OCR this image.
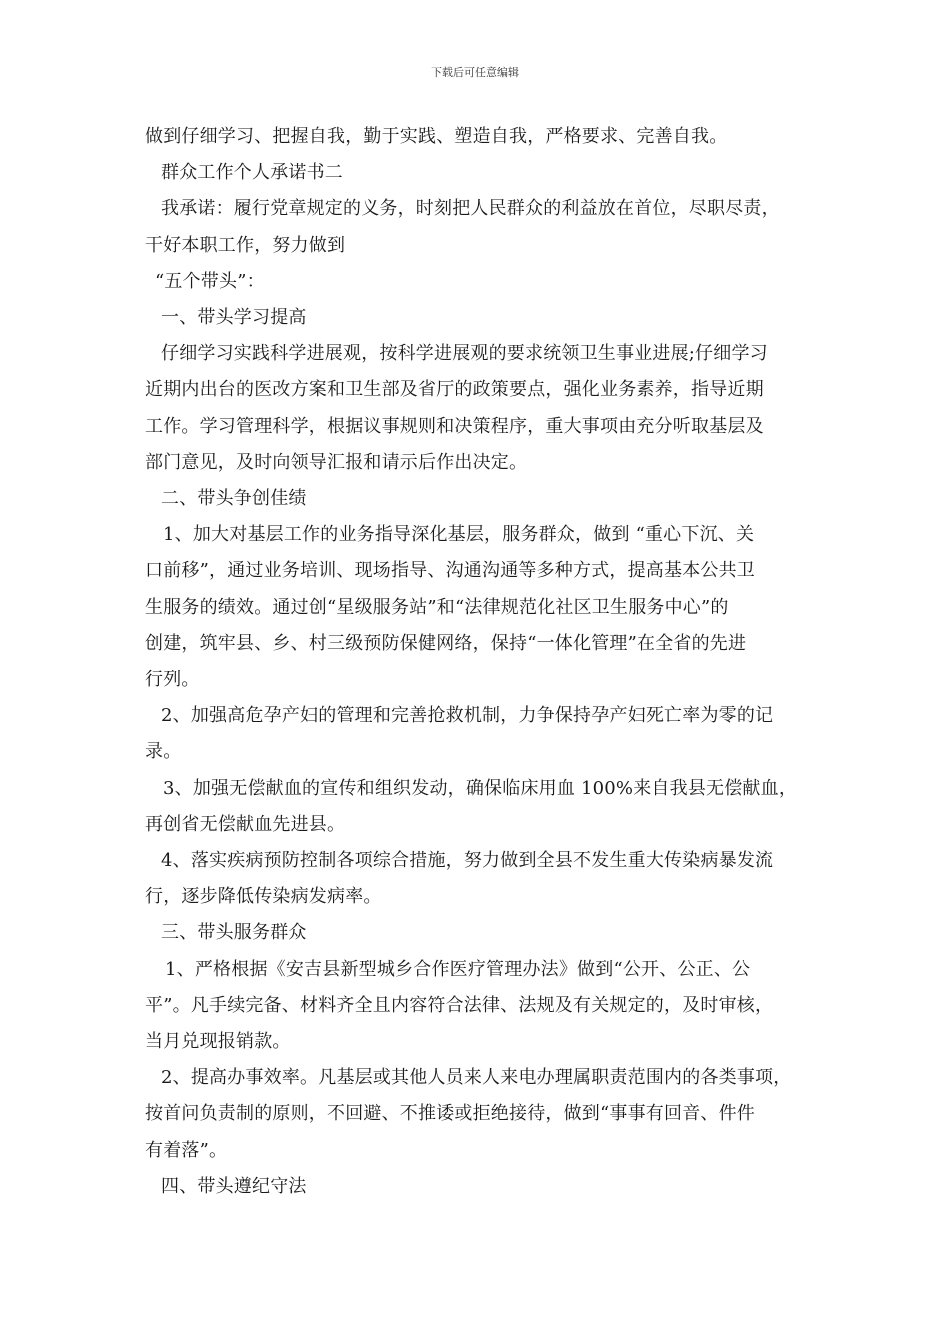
下载后可任意编辑
做到仔细学习、把握自我，勤于实践、塑造自我，严格要求、完善自我。
群众工作个人承诺书二
我承诺：履行党章规定的义务，时刻把人民群众的利益放在首位，尽职尽责，
干好本职工作，努力做到
“五个带头”：
一、带头学习提高
仔细学习实践科学进展观，按科学进展观的要求统领卫生事业进展;仔细学习
近期内出台的医改方案和卫生部及省厅的政策要点，强化业务素养，指导近期
工作。学习管理科学，根据议事规则和决策程序，重大事项由充分听取基层及
部门意见，及时向领导汇报和请示后作出决定。
二、带头争创佳绩
1、加大对基层工作的业务指导深化基层，服务群众，做到 “重心下沉、关
口前移”，通过业务培训、现场指导、沟通沟通等多种方式，提高基本公共卫
生服务的绩效。通过创“星级服务站”和“法律规范化社区卫生服务中心”的
创建，筑牢县、乡、村三级预防保健网络，保持“一体化管理”在全省的先进
行列。
2、加强高危孕产妇的管理和完善抢救机制，力争保持孕产妇死亡率为零的记
录。
3、加强无偿献血的宣传和组织发动，确保临床用血 100%来自我县无偿献血，
再创省无偿献血先进县。
4、落实疾病预防控制各项综合措施，努力做到全县不发生重大传染病暴发流
行，逐步降低传染病发病率。
三、带头服务群众
1、严格根据《安吉县新型城乡合作医疗管理办法》做到“公开、公正、公
平”。凡手续完备、材料齐全且内容符合法律、法规及有关规定的，及时审核，
当月兑现报销款。
2、提高办事效率。凡基层或其他人员来人来电办理属职责范围内的各类事项，
按首问负责制的原则，不回避、不推诿或拒绝接待，做到“事事有回音、件件
有着落”。
四、带头遵纪守法
